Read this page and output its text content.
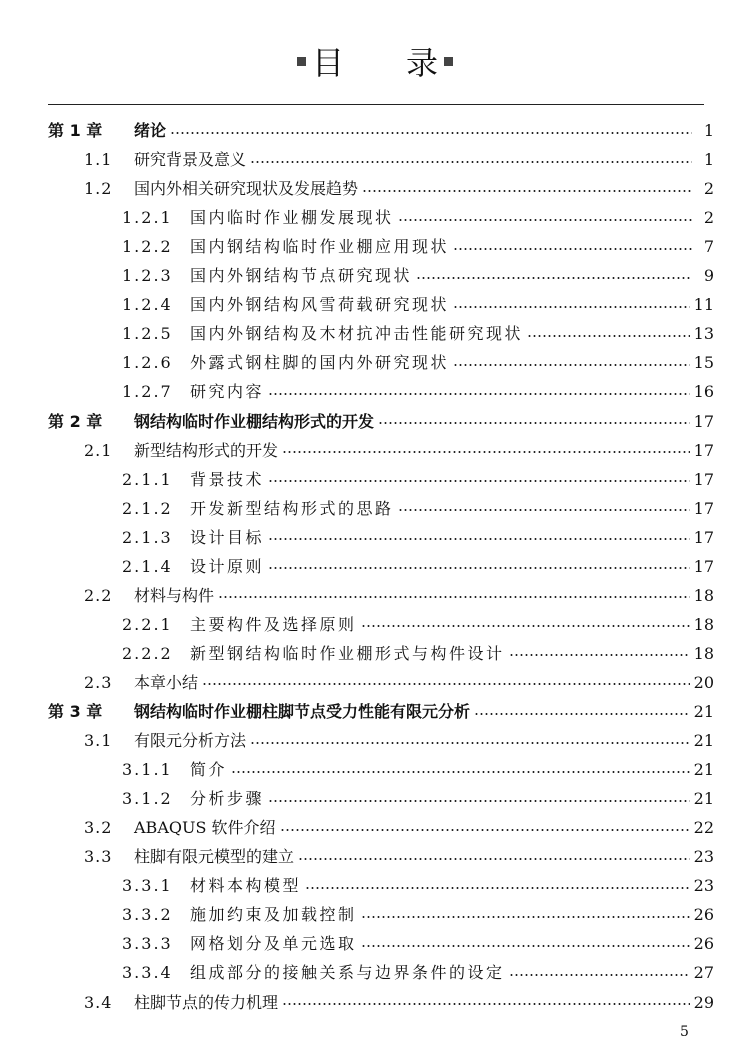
目 录
第 1 章	绪论	1
1.1	研究背景及意义	1
1.2	国内外相关研究现状及发展趋势	2
1.2.1	国内临时作业棚发展现状	2
1.2.2	国内钢结构临时作业棚应用现状	7
1.2.3	国内外钢结构节点研究现状	9
1.2.4	国内外钢结构风雪荷载研究现状	11
1.2.5	国内外钢结构及木材抗冲击性能研究现状	13
1.2.6	外露式钢柱脚的国内外研究现状	15
1.2.7	研究内容	16
第 2 章	钢结构临时作业棚结构形式的开发	17
2.1	新型结构形式的开发	17
2.1.1	背景技术	17
2.1.2	开发新型结构形式的思路	17
2.1.3	设计目标	17
2.1.4	设计原则	17
2.2	材料与构件	18
2.2.1	主要构件及选择原则	18
2.2.2	新型钢结构临时作业棚形式与构件设计	18
2.3	本章小结	20
第 3 章	钢结构临时作业棚柱脚节点受力性能有限元分析	21
3.1	有限元分析方法	21
3.1.1	简介	21
3.1.2	分析步骤	21
3.2	ABAQUS 软件介绍	22
3.3	柱脚有限元模型的建立	23
3.3.1	材料本构模型	23
3.3.2	施加约束及加载控制	26
3.3.3	网格划分及单元选取	26
3.3.4	组成部分的接触关系与边界条件的设定	27
3.4	柱脚节点的传力机理	29
5
